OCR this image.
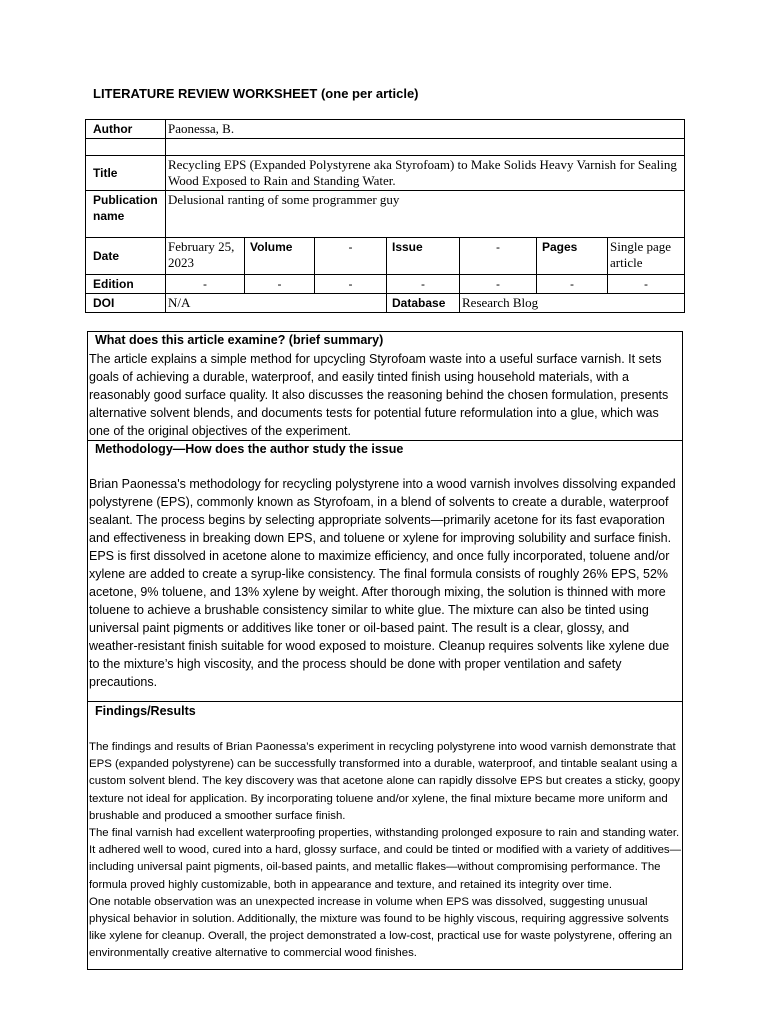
LITERATURE REVIEW WORKSHEET (one per article)
Author	Paonessa, B.						

Title	Recycling EPS (Expanded Polystyrene aka Styrofoam) to Make Solids Heavy Varnish for Sealing Wood Exposed to Rain and Standing Water.						
Publication name	Delusional ranting of some programmer guy						
Date	February 25, 2023	Volume	-	Issue	-	Pages	Single page article
Edition	-	-	-	-	-	-	-
DOI	N/A			Database	Research Blog		
What does this article examine? (brief summary)

The article explains a simple method for upcycling Styrofoam waste into a useful surface varnish. It sets goals of achieving a durable, waterproof, and easily tinted finish using household materials, with a reasonably good surface quality. It also discusses the reasoning behind the chosen formulation, presents alternative solvent blends, and documents tests for potential future reformulation into a glue, which was one of the original objectives of the experiment.

Methodology—How does the author study the issue

Brian Paonessa's methodology for recycling polystyrene into a wood varnish involves dissolving expanded polystyrene (EPS), commonly known as Styrofoam, in a blend of solvents to create a durable, waterproof sealant. The process begins by selecting appropriate solvents—primarily acetone for its fast evaporation and effectiveness in breaking down EPS, and toluene or xylene for improving solubility and surface finish. EPS is first dissolved in acetone alone to maximize efficiency, and once fully incorporated, toluene and/or xylene are added to create a syrup-like consistency. The final formula consists of roughly 26% EPS, 52% acetone, 9% toluene, and 13% xylene by weight. After thorough mixing, the solution is thinned with more toluene to achieve a brushable consistency similar to white glue. The mixture can also be tinted using universal paint pigments or additives like toner or oil-based paint. The result is a clear, glossy, and weather-resistant finish suitable for wood exposed to moisture. Cleanup requires solvents like xylene due to the mixture’s high viscosity, and the process should be done with proper ventilation and safety precautions.

Findings/Results

The findings and results of Brian Paonessa’s experiment in recycling polystyrene into wood varnish demonstrate that EPS (expanded polystyrene) can be successfully transformed into a durable, waterproof, and tintable sealant using a custom solvent blend. The key discovery was that acetone alone can rapidly dissolve EPS but creates a sticky, goopy texture not ideal for application. By incorporating toluene and/or xylene, the final mixture became more uniform and brushable and produced a smoother surface finish.

The final varnish had excellent waterproofing properties, withstanding prolonged exposure to rain and standing water. It adhered well to wood, cured into a hard, glossy surface, and could be tinted or modified with a variety of additives—including universal paint pigments, oil-based paints, and metallic flakes—without compromising performance. The formula proved highly customizable, both in appearance and texture, and retained its integrity over time.

One notable observation was an unexpected increase in volume when EPS was dissolved, suggesting unusual physical behavior in solution. Additionally, the mixture was found to be highly viscous, requiring aggressive solvents like xylene for cleanup. Overall, the project demonstrated a low-cost, practical use for waste polystyrene, offering an environmentally creative alternative to commercial wood finishes.
